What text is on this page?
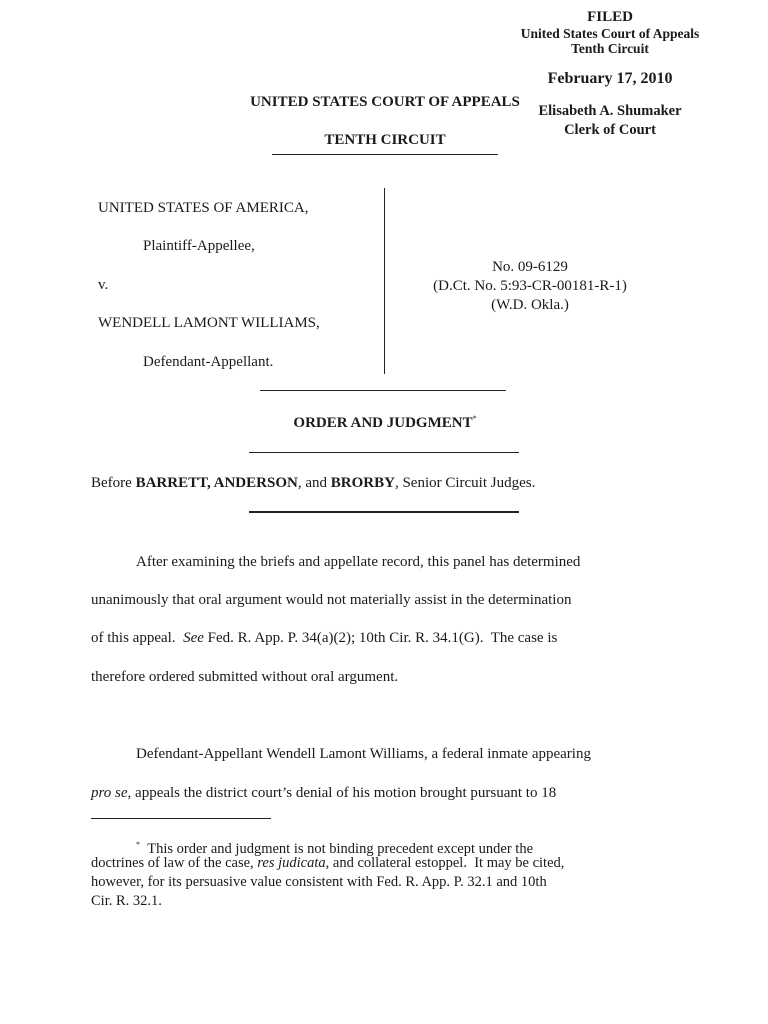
FILED
United States Court of Appeals
Tenth Circuit
February 17, 2010
UNITED STATES COURT OF APPEALS
Elisabeth A. Shumaker
Clerk of Court
TENTH CIRCUIT
UNITED STATES OF AMERICA,
Plaintiff-Appellee,
v.
WENDELL LAMONT WILLIAMS,
Defendant-Appellant.
No. 09-6129
(D.Ct. No. 5:93-CR-00181-R-1)
(W.D. Okla.)
ORDER AND JUDGMENT*
Before BARRETT, ANDERSON, and BRORBY, Senior Circuit Judges.
After examining the briefs and appellate record, this panel has determined
unanimously that oral argument would not materially assist in the determination
of this appeal.  See Fed. R. App. P. 34(a)(2); 10th Cir. R. 34.1(G).  The case is
therefore ordered submitted without oral argument.
Defendant-Appellant Wendell Lamont Williams, a federal inmate appearing
pro se, appeals the district court’s denial of his motion brought pursuant to 18
* This order and judgment is not binding precedent except under the
doctrines of law of the case, res judicata, and collateral estoppel.  It may be cited,
however, for its persuasive value consistent with Fed. R. App. P. 32.1 and 10th
Cir. R. 32.1.
